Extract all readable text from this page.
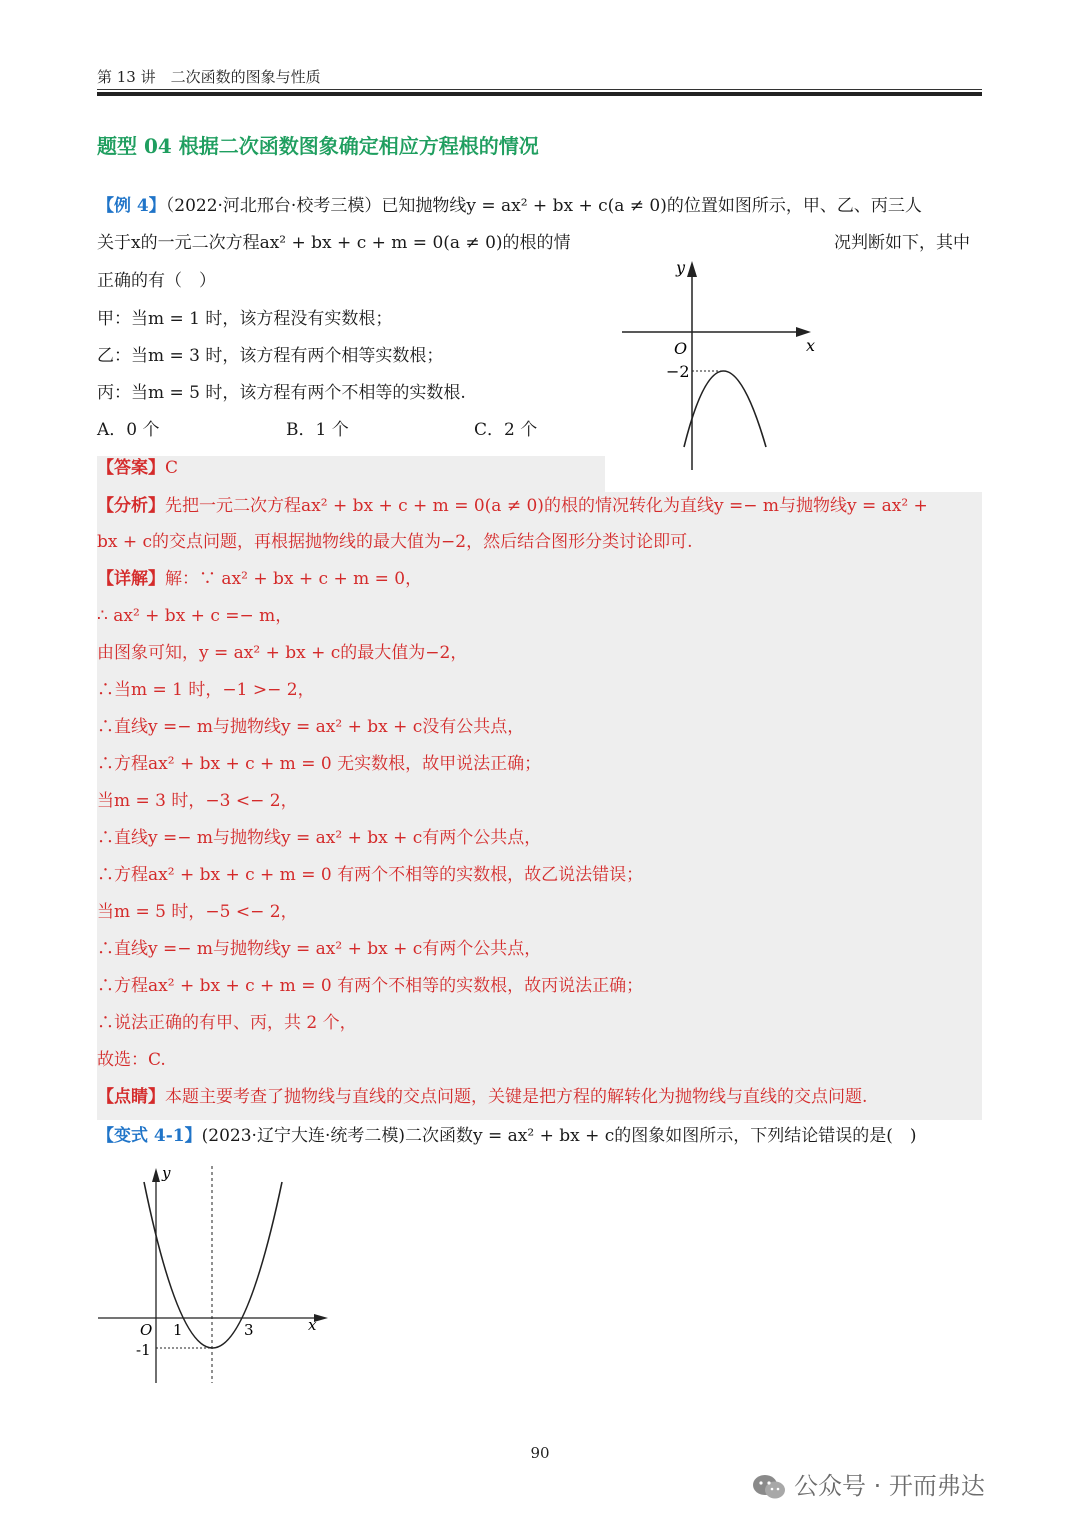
第 13 讲　二次函数的图象与性质
题型 04 根据二次函数图象确定相应方程根的情况
【例 4】（2022·河北邢台·校考三模）已知抛物线y = ax² + bx + c(a ≠ 0)的位置如图所示，甲、乙、丙三人
关于x的一元二次方程ax² + bx + c + m = 0(a ≠ 0)的根的情	况判断如下，其中
正确的有（　）
甲：当m = 1 时，该方程没有实数根；
乙：当m = 3 时，该方程有两个相等实数根；
丙：当m = 5 时，该方程有两个不相等的实数根.
A．0 个	B．1 个	C．2 个
y
x
O
−2
【答案】C
【分析】先把一元二次方程ax² + bx + c + m = 0(a ≠ 0)的根的情况转化为直线y =− m与抛物线y = ax² +
bx + c的交点问题，再根据抛物线的最大值为−2，然后结合图形分类讨论即可.
【详解】解：∵ ax² + bx + c + m = 0，
∴ ax² + bx + c =− m，
由图象可知，y = ax² + bx + c的最大值为−2，
∴当m = 1 时，−1 >− 2，
∴直线y =− m与抛物线y = ax² + bx + c没有公共点，
∴方程ax² + bx + c + m = 0 无实数根，故甲说法正确；
当m = 3 时，−3 <− 2，
∴直线y =− m与抛物线y = ax² + bx + c有两个公共点，
∴方程ax² + bx + c + m = 0 有两个不相等的实数根，故乙说法错误；
当m = 5 时，−5 <− 2，
∴直线y =− m与抛物线y = ax² + bx + c有两个公共点，
∴方程ax² + bx + c + m = 0 有两个不相等的实数根，故丙说法正确；
∴说法正确的有甲、丙，共 2 个，
故选：C.
【点睛】本题主要考查了抛物线与直线的交点问题，关键是把方程的解转化为抛物线与直线的交点问题.
【变式 4-1】(2023·辽宁大连·统考二模)二次函数y = ax² + bx + c的图象如图所示，下列结论错误的是(　)
y
x
O 1	3
-1
90
公众号 · 开而弗达
